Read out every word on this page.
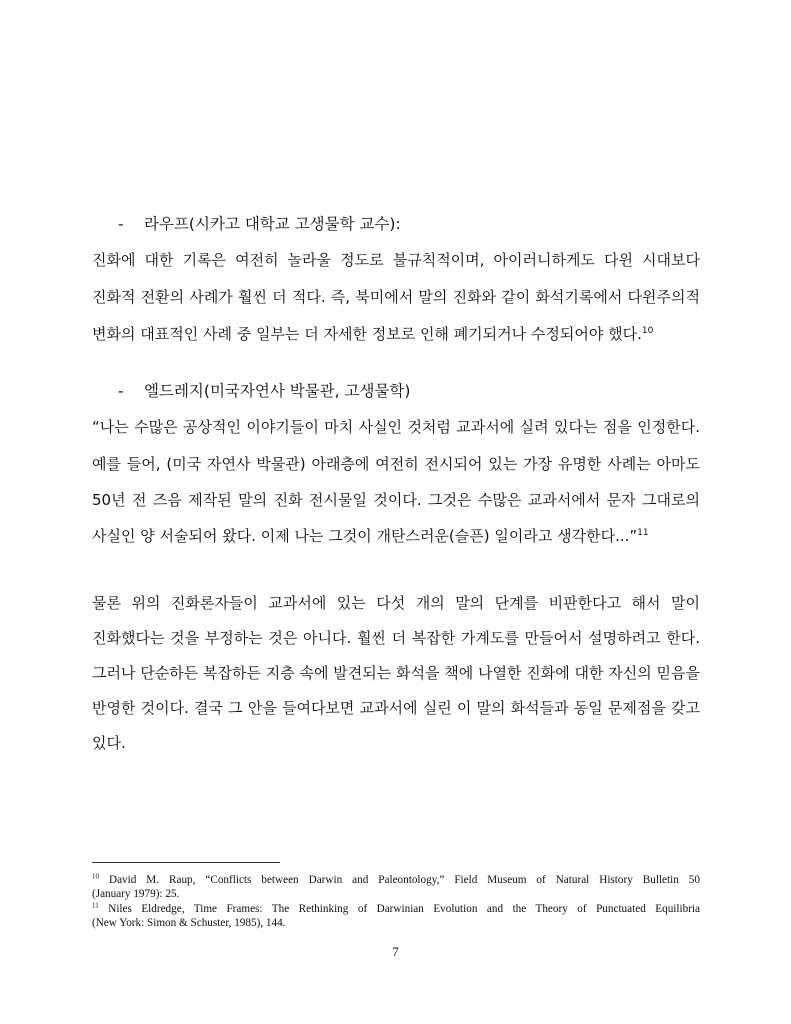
- 라우프(시카고 대학교 고생물학 교수):
진화에 대한 기록은 여전히 놀라울 정도로 불규칙적이며, 아이러니하게도 다윈 시대보다
진화적 전환의 사례가 훨씬 더 적다. 즉, 북미에서 말의 진화와 같이 화석기록에서 다윈주의적
변화의 대표적인 사례 중 일부는 더 자세한 정보로 인해 폐기되거나 수정되어야 했다.$^{10}$
- 엘드레지(미국자연사 박물관, 고생물학)
“나는 수많은 공상적인 이야기들이 마치 사실인 것처럼 교과서에 실려 있다는 점을 인정한다.
예를 들어, (미국 자연사 박물관) 아래층에 여전히 전시되어 있는 가장 유명한 사례는 아마도
50년 전 즈음 제작된 말의 진화 전시물일 것이다. 그것은 수많은 교과서에서 문자 그대로의
사실인 양 서술되어 왔다. 이제 나는 그것이 개탄스러운(슬픈) 일이라고 생각한다...”$^{11}$
물론 위의 진화론자들이 교과서에 있는 다섯 개의 말의 단계를 비판한다고 해서 말이
진화했다는 것을 부정하는 것은 아니다. 훨씬 더 복잡한 가계도를 만들어서 설명하려고 한다.
그러나 단순하든 복잡하든 지층 속에 발견되는 화석을 책에 나열한 진화에 대한 자신의 믿음을
반영한 것이다. 결국 그 안을 들여다보면 교과서에 실린 이 말의 화석들과 동일 문제점을 갖고
있다.
$^{10}$ David M. Raup, “Conflicts between Darwin and Paleontology,” Field Museum of Natural History Bulletin 50
(January 1979): 25.
$^{11}$ Niles Eldredge, Time Frames: The Rethinking of Darwinian Evolution and the Theory of Punctuated Equilibria
(New York: Simon & Schuster, 1985), 144.
7
